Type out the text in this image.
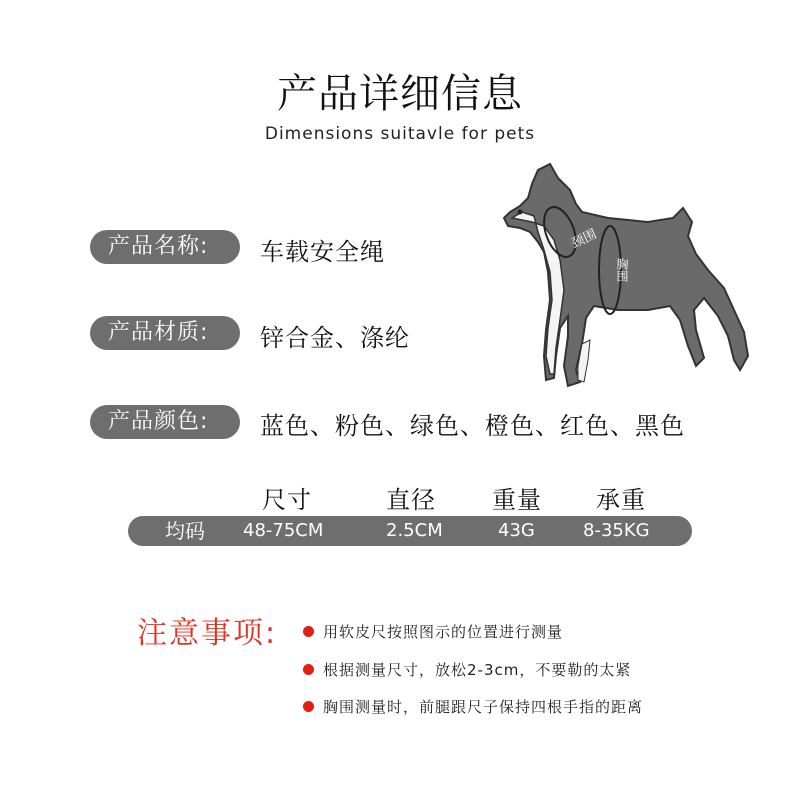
产品详细信息
Dimensions suitavle for pets
产品名称:	车载安全绳
产品材质:	锌合金、涤纶
产品颜色:	蓝色、粉色、绿色、橙色、红色、黑色
颈围
胸围
尺寸	直径 重量 承重
均码 48-75CM	2.5CM	43G	8-35KG
注意事项:	用软皮尺按照图示的位置进行测量
根据测量尺寸，放松2-3cm，不要勒的太紧
胸围测量时，前腿跟尺子保持四根手指的距离
